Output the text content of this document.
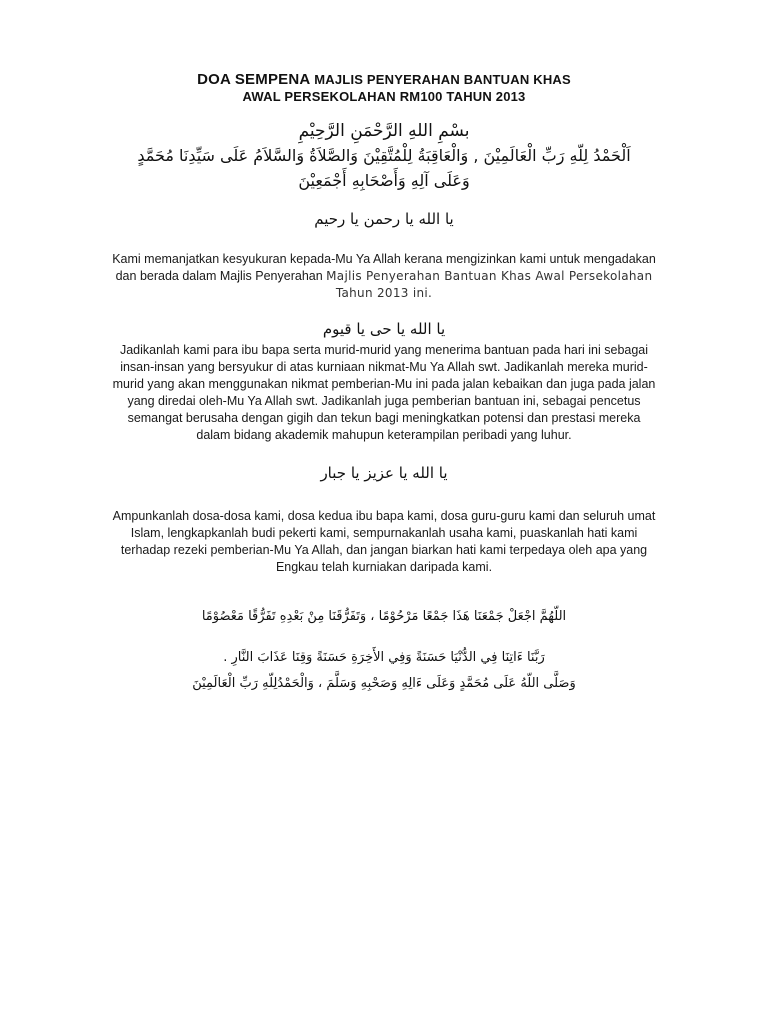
DOA SEMPENA MAJLIS PENYERAHAN BANTUAN KHAS
AWAL PERSEKOLAHAN RM100 TAHUN 2013
بسْمِ اللهِ الرَّحْمَنِ الرَّحِيْمِ
اَلْحَمْدُ لِلّهِ رَبِّ الْعَالَمِيْنَ , وَالْعَاقِبَةُ لِلْمُتَّقِيْنَ وَالصَّلاَةُ وَالسَّلاَمُ عَلَى سَيِّدِنَا مُحَمَّدٍ
وَعَلَى آلِهِ وَأَصْحَابِهِ أَجْمَعِيْنَ
يا الله يا رحمن يا رحيم
Kami memanjatkan kesyukuran kepada-Mu Ya Allah kerana mengizinkan kami untuk mengadakan
dan berada dalam Majlis Penyerahan Majlis Penyerahan Bantuan Khas Awal Persekolahan
Tahun 2013 ini.
يا الله يا حى يا قيوم
Jadikanlah kami para ibu bapa serta murid-murid yang menerima bantuan pada hari ini sebagai
insan-insan yang bersyukur di atas kurniaan nikmat-Mu Ya Allah swt. Jadikanlah mereka murid-
murid yang akan menggunakan nikmat pemberian-Mu ini pada jalan kebaikan dan juga pada jalan
yang diredai oleh-Mu Ya Allah swt. Jadikanlah juga pemberian bantuan ini, sebagai pencetus
semangat berusaha dengan gigih dan tekun bagi meningkatkan potensi dan prestasi mereka
dalam bidang akademik mahupun keterampilan peribadi yang luhur.
يا الله يا عزيز يا جبار
Ampunkanlah dosa-dosa kami, dosa kedua ibu bapa kami, dosa guru-guru kami dan seluruh umat
Islam, lengkapkanlah budi pekerti kami, sempurnakanlah usaha kami, puaskanlah hati kami
terhadap rezeki pemberian-Mu Ya Allah, dan jangan biarkan hati kami terpedaya oleh apa yang
Engkau telah kurniakan daripada kami.
اللّهُمَّ اجْعَلْ جَمْعَنَا هَذَا جَمْعًا مَرْحُوْمًا ، وَتَفَرُّقَنَا مِنْ بَعْدِهِ تَفَرُّقًا مَعْصُوْمًا
رَبَّنَا ءَاتِنَا فِي الدُّنْيَا حَسَنَةً وَفِي الأَخِرَةِ حَسَنَةً وَقِنَا عَذَابَ النَّارِ .
وَصَلَّى اللّهُ عَلَى مُحَمَّدٍ وَعَلَى ءَالِهِ وَصَحْبِهِ وَسَلَّمَ ، وَالْحَمْدُلِلّهِ رَبِّ الْعَالَمِيْنَ
